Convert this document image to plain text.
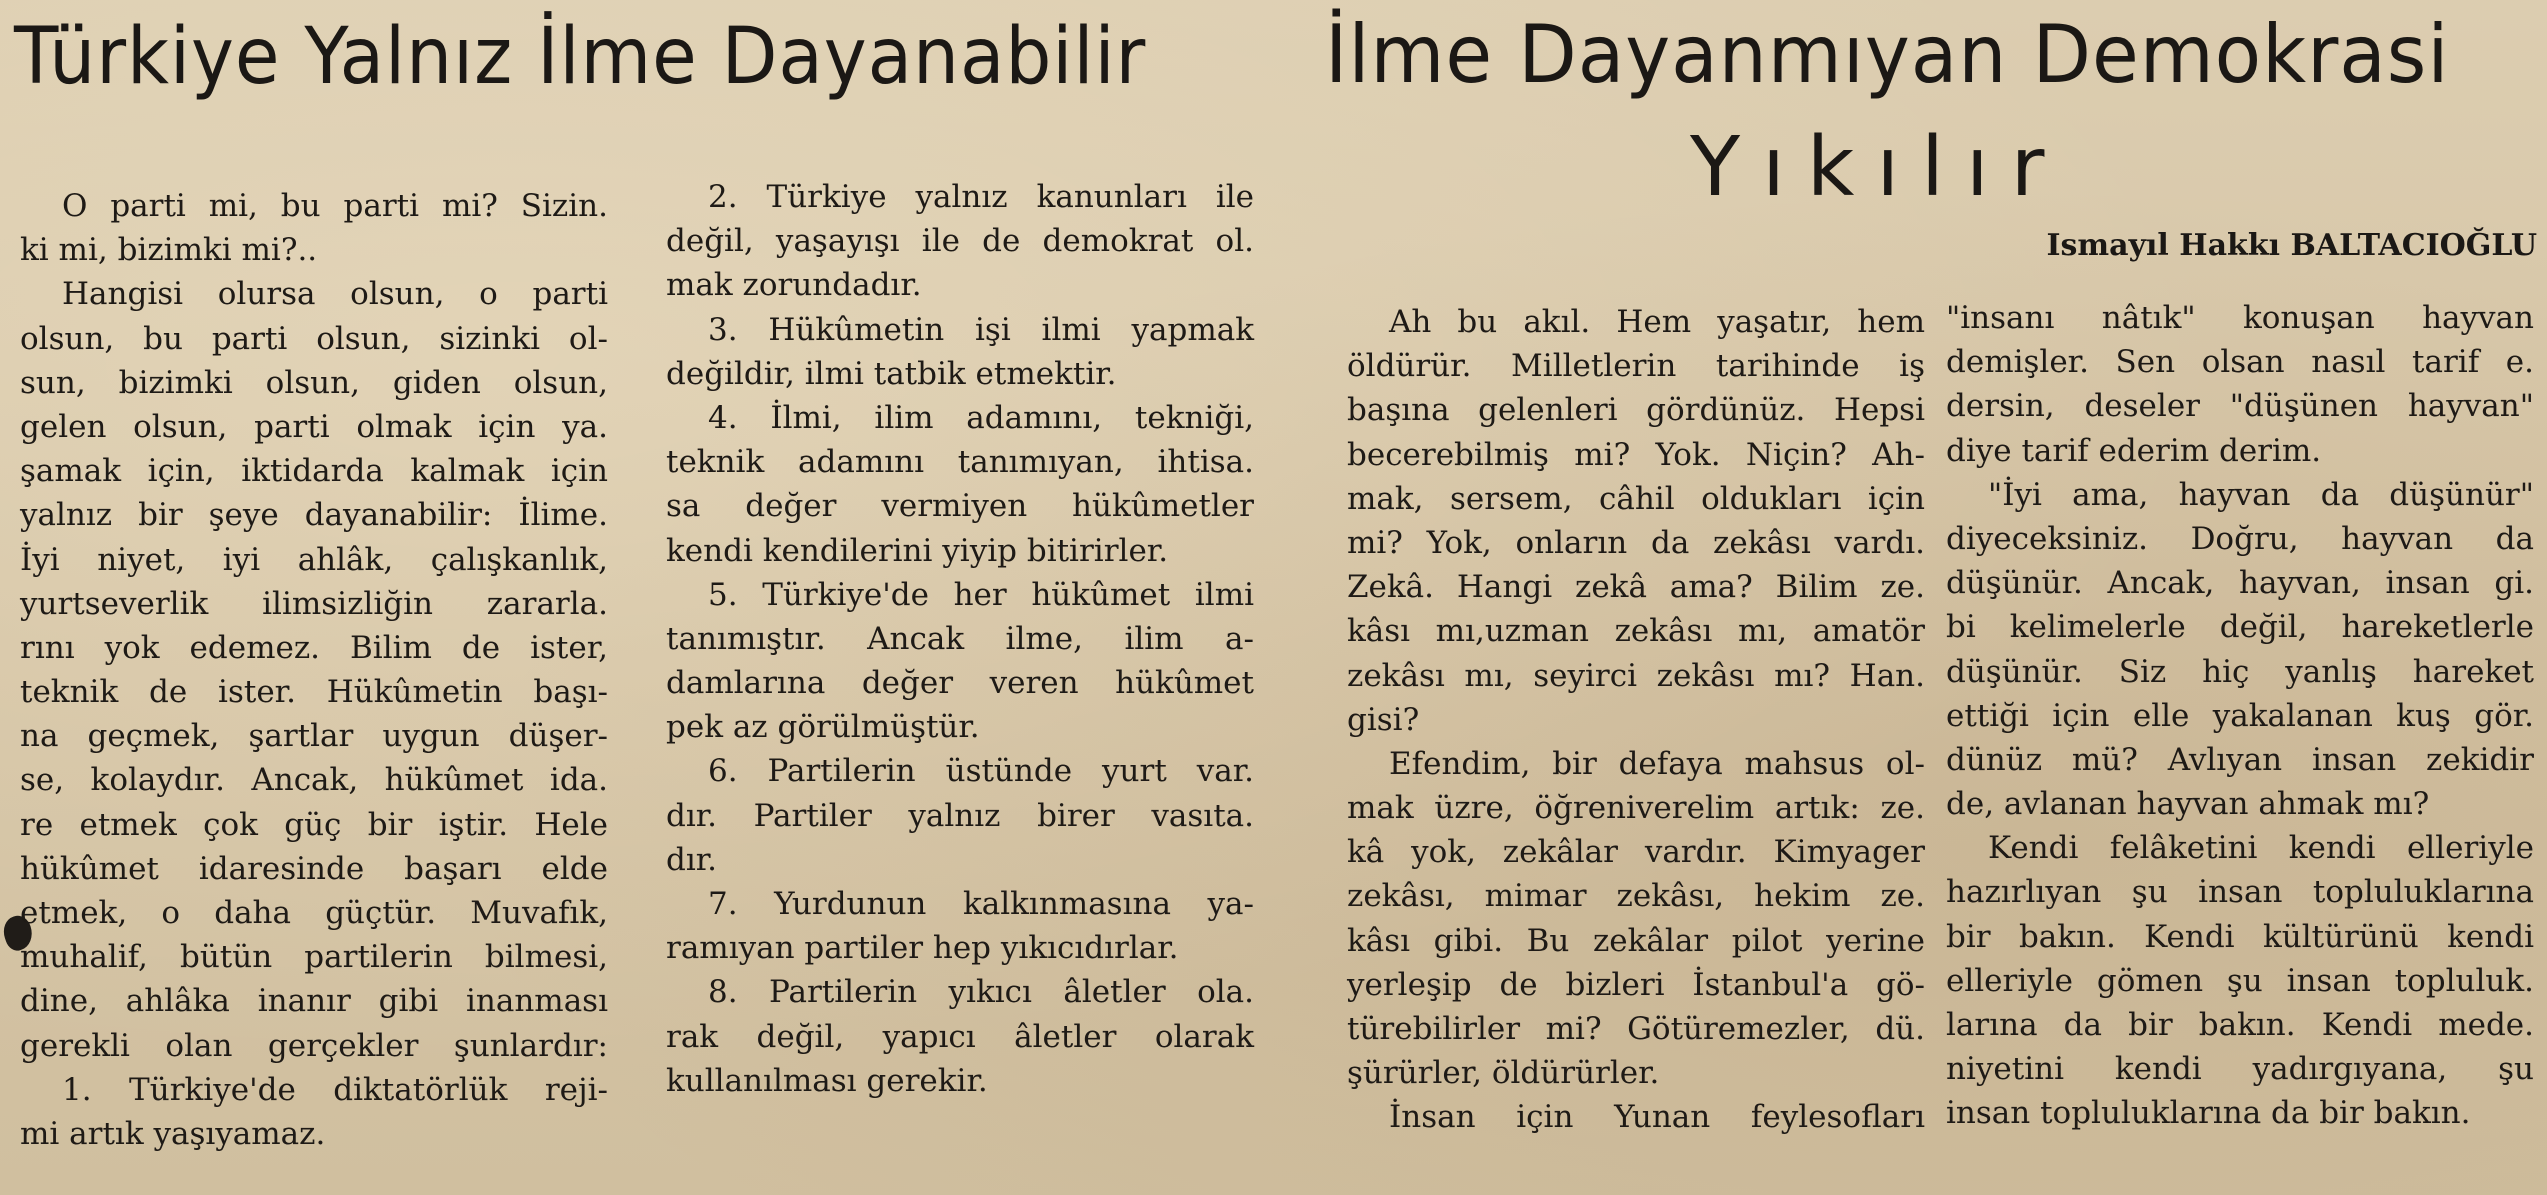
Türkiye Yalnız İlme Dayanabilir İlme Dayanmıyan Demokrasi
Yıkılır
Ismayıl Hakkı BALTACIOĞLU
O parti mi, bu parti mi? Sizin.
ki mi, bizimki mi?..
Hangisi olursa olsun, o parti
olsun, bu parti olsun, sizinki ol-
sun, bizimki olsun, giden olsun,
gelen olsun, parti olmak için ya.
şamak için, iktidarda kalmak için
yalnız bir şeye dayanabilir: İlime.
İyi niyet, iyi ahlâk, çalışkanlık,
yurtseverlik ilimsizliğin zararla.
rını yok edemez. Bilim de ister,
teknik de ister. Hükûmetin başı-
na geçmek, şartlar uygun düşer-
se, kolaydır. Ancak, hükûmet ida.
re etmek çok güç bir iştir. Hele
hükûmet idaresinde başarı elde
etmek, o daha güçtür. Muvafık,
muhalif, bütün partilerin bilmesi,
dine, ahlâka inanır gibi inanması
gerekli olan gerçekler şunlardır:
1. Türkiye'de diktatörlük reji-
mi artık yaşıyamaz.
2. Türkiye yalnız kanunları ile
değil, yaşayışı ile de demokrat ol.
mak zorundadır.
3. Hükûmetin işi ilmi yapmak
değildir, ilmi tatbik etmektir.
4. İlmi, ilim adamını, tekniği,
teknik adamını tanımıyan, ihtisa.
sa değer vermiyen hükûmetler
kendi kendilerini yiyip bitirirler.
5. Türkiye'de her hükûmet ilmi
tanımıştır. Ancak ilme, ilim a-
damlarına değer veren hükûmet
pek az görülmüştür.
6. Partilerin üstünde yurt var.
dır. Partiler yalnız birer vasıta.
dır.
7. Yurdunun kalkınmasına ya-
ramıyan partiler hep yıkıcıdırlar.
8. Partilerin yıkıcı âletler ola.
rak değil, yapıcı âletler olarak
kullanılması gerekir.
Ah bu akıl. Hem yaşatır, hem
öldürür. Milletlerin tarihinde iş
başına gelenleri gördünüz. Hepsi
becerebilmiş mi? Yok. Niçin? Ah-
mak, sersem, câhil oldukları için
mi? Yok, onların da zekâsı vardı.
Zekâ. Hangi zekâ ama? Bilim ze.
kâsı mı,uzman zekâsı mı, amatör
zekâsı mı, seyirci zekâsı mı? Han.
gisi?
Efendim, bir defaya mahsus ol-
mak üzre, öğreniverelim artık: ze.
kâ yok, zekâlar vardır. Kimyager
zekâsı, mimar zekâsı, hekim ze.
kâsı gibi. Bu zekâlar pilot yerine
yerleşip de bizleri İstanbul'a gö-
türebilirler mi? Götüremezler, dü.
şürürler, öldürürler.
İnsan için Yunan feylesofları
"insanı nâtık" konuşan hayvan
demişler. Sen olsan nasıl tarif e.
dersin, deseler "düşünen hayvan"
diye tarif ederim derim.
"İyi ama, hayvan da düşünür"
diyeceksiniz. Doğru, hayvan da
düşünür. Ancak, hayvan, insan gi.
bi kelimelerle değil, hareketlerle
düşünür. Siz hiç yanlış hareket
ettiği için elle yakalanan kuş gör.
dünüz mü? Avlıyan insan zekidir
de, avlanan hayvan ahmak mı?
Kendi felâketini kendi elleriyle
hazırlıyan şu insan topluluklarına
bir bakın. Kendi kültürünü kendi
elleriyle gömen şu insan topluluk.
larına da bir bakın. Kendi mede.
niyetini kendi yadırgıyana, şu
insan topluluklarına da bir bakın.
